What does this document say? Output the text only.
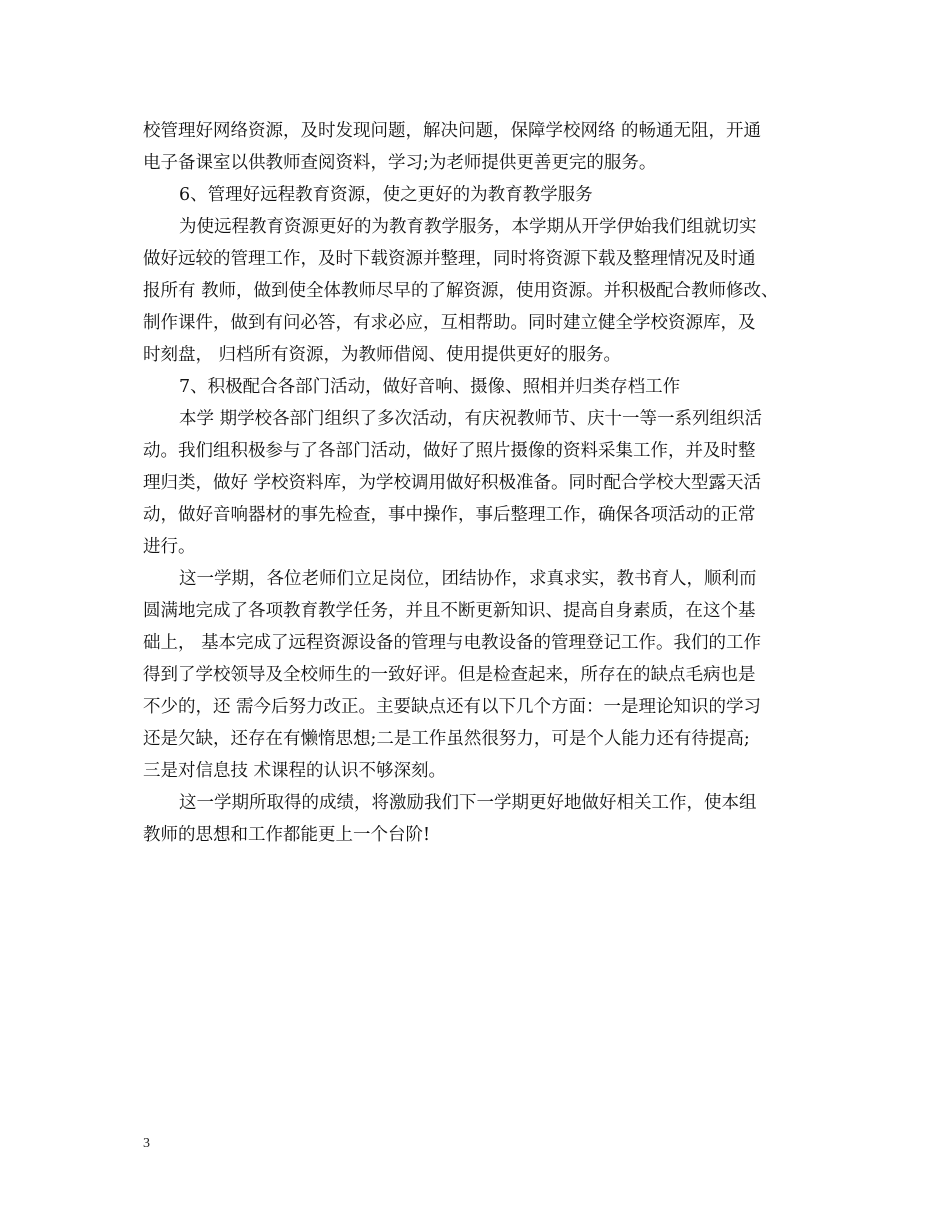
校管理好网络资源，及时发现问题，解决问题，保障学校网络 的畅通无阻，开通
电子备课室以供教师查阅资料，学习;为老师提供更善更完的服务。
6、管理好远程教育资源，使之更好的为教育教学服务
为使远程教育资源更好的为教育教学服务，本学期从开学伊始我们组就切实
做好远较的管理工作，及时下载资源并整理，同时将资源下载及整理情况及时通
报所有 教师，做到使全体教师尽早的了解资源，使用资源。并积极配合教师修改、
制作课件，做到有问必答，有求必应，互相帮助。同时建立健全学校资源库，及
时刻盘， 归档所有资源，为教师借阅、使用提供更好的服务。
7、积极配合各部门活动，做好音响、摄像、照相并归类存档工作
本学 期学校各部门组织了多次活动，有庆祝教师节、庆十一等一系列组织活
动。我们组积极参与了各部门活动，做好了照片摄像的资料采集工作，并及时整
理归类，做好 学校资料库，为学校调用做好积极准备。同时配合学校大型露天活
动，做好音响器材的事先检查，事中操作，事后整理工作，确保各项活动的正常
进行。
这一学期，各位老师们立足岗位，团结协作，求真求实，教书育人，顺利而
圆满地完成了各项教育教学任务，并且不断更新知识、提高自身素质，在这个基
础上， 基本完成了远程资源设备的管理与电教设备的管理登记工作。我们的工作
得到了学校领导及全校师生的一致好评。但是检查起来，所存在的缺点毛病也是
不少的，还 需今后努力改正。主要缺点还有以下几个方面：一是理论知识的学习
还是欠缺，还存在有懒惰思想;二是工作虽然很努力，可是个人能力还有待提高;
三是对信息技 术课程的认识不够深刻。
这一学期所取得的成绩，将激励我们下一学期更好地做好相关工作，使本组
教师的思想和工作都能更上一个台阶!
3
